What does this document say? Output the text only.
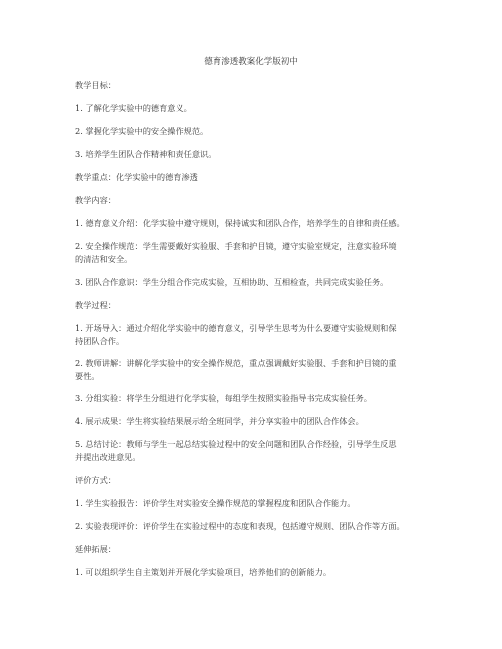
德育渗透教案化学版初中
教学目标：
1. 了解化学实验中的德育意义。
2. 掌握化学实验中的安全操作规范。
3. 培养学生团队合作精神和责任意识。
教学重点：化学实验中的德育渗透
教学内容：
1. 德育意义介绍：化学实验中遵守规则，保持诚实和团队合作，培养学生的自律和责任感。
2. 安全操作规范：学生需要戴好实验服、手套和护目镜，遵守实验室规定，注意实验环境
的清洁和安全。
3. 团队合作意识：学生分组合作完成实验，互相协助、互相检查，共同完成实验任务。
教学过程：
1. 开场导入：通过介绍化学实验中的德育意义，引导学生思考为什么要遵守实验规则和保
持团队合作。
2. 教师讲解：讲解化学实验中的安全操作规范，重点强调戴好实验服、手套和护目镜的重
要性。
3. 分组实验：将学生分组进行化学实验，每组学生按照实验指导书完成实验任务。
4. 展示成果：学生将实验结果展示给全班同学，并分享实验中的团队合作体会。
5. 总结讨论：教师与学生一起总结实验过程中的安全问题和团队合作经验，引导学生反思
并提出改进意见。
评价方式：
1. 学生实验报告：评价学生对实验安全操作规范的掌握程度和团队合作能力。
2. 实验表现评价：评价学生在实验过程中的态度和表现，包括遵守规则、团队合作等方面。
延伸拓展：
1. 可以组织学生自主策划并开展化学实验项目，培养他们的创新能力。
